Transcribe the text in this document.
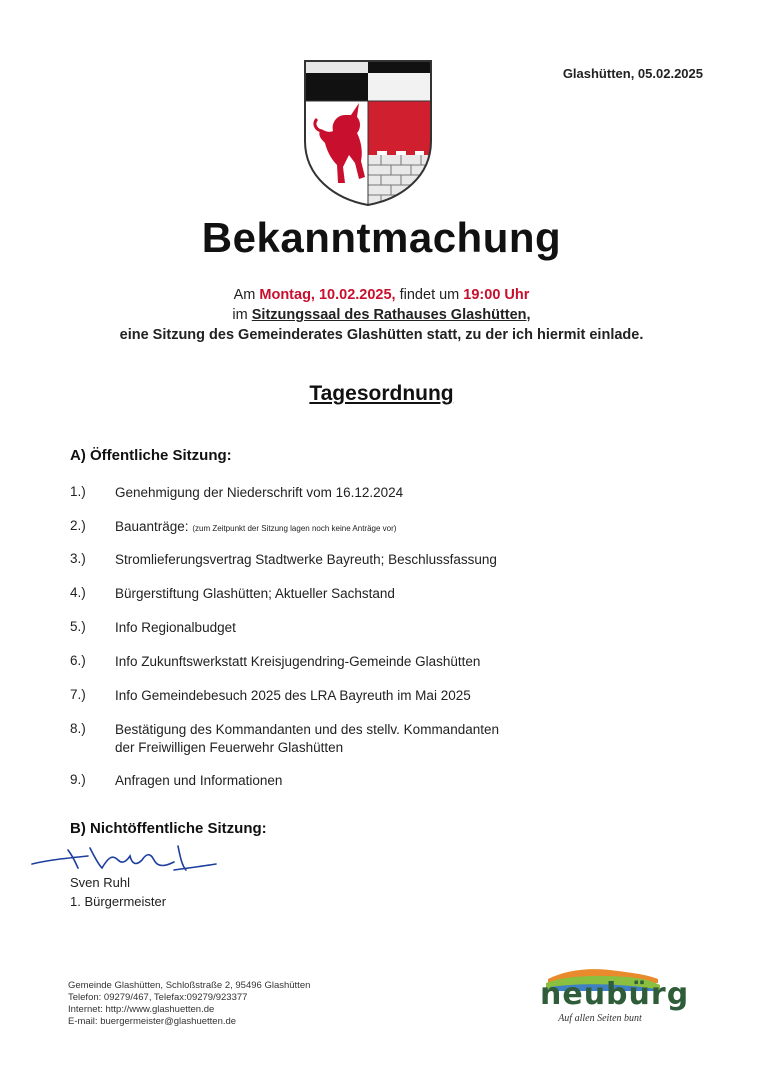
Glashütten, 05.02.2025
Bekanntmachung
Am Montag, 10.02.2025, findet um 19:00 Uhr
im Sitzungssaal des Rathauses Glashütten,
eine Sitzung des Gemeinderates Glashütten statt, zu der ich hiermit einlade.
Tagesordnung
A) Öffentliche Sitzung:
1.)	Genehmigung der Niederschrift vom 16.12.2024
2.)	Bauanträge: (zum Zeitpunkt der Sitzung lagen noch keine Anträge vor)
3.)	Stromlieferungsvertrag Stadtwerke Bayreuth; Beschlussfassung
4.)	Bürgerstiftung Glashütten; Aktueller Sachstand
5.)	Info Regionalbudget
6.)	Info Zukunftswerkstatt Kreisjugendring-Gemeinde Glashütten
7.)	Info Gemeindebesuch 2025 des LRA Bayreuth im Mai 2025
8.)	Bestätigung des Kommandanten und des stellv. Kommandanten
der Freiwilligen Feuerwehr Glashütten
9.)	Anfragen und Informationen
B) Nichtöffentliche Sitzung:
Sven Ruhl
1. Bürgermeister
Gemeinde Glashütten, Schloßstraße 2, 95496 Glashütten
Telefon: 09279/467, Telefax:09279/923377
Internet: http://www.glashuetten.de
E-mail: buergermeister@glashuetten.de
neubürg
Auf allen Seiten bunt
